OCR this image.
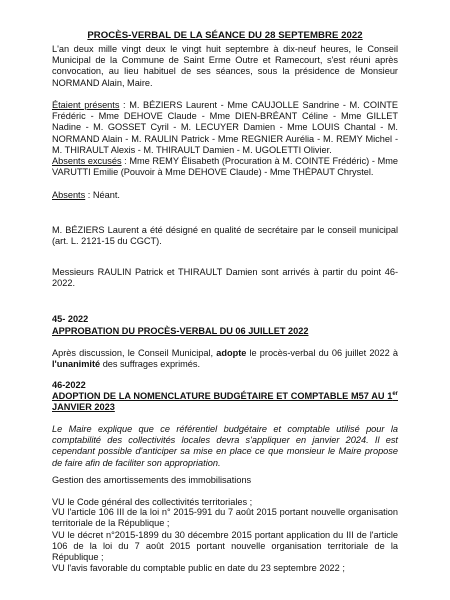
PROCÈS-VERBAL DE LA SÉANCE DU 28 SEPTEMBRE 2022

L'an deux mille vingt deux le vingt huit septembre à dix-neuf heures, le Conseil Municipal de la Commune de Saint Erme Outre et Ramecourt, s'est réuni après convocation, au lieu habituel de ses séances, sous la présidence de Monsieur NORMAND Alain, Maire.

Étaient présents : M. BÉZIERS Laurent - Mme CAUJOLLE Sandrine - M. COINTE Frédéric - Mme DEHOVE Claude - Mme DIEN-BRÉANT Céline - Mme GILLET Nadine - M. GOSSET Cyril - M. LECUYER Damien - Mme LOUIS Chantal - M. NORMAND Alain - M. RAULIN Patrick - Mme REGNIER Aurélia - M. REMY Michel - M. THIRAULT Alexis - M. THIRAULT Damien - M. UGOLETTI Olivier.

Absents excusés : Mme REMY Élisabeth (Procuration à M. COINTE Frédéric) - Mme VARUTTI Emilie (Pouvoir à Mme DEHOVE Claude) - Mme THÉPAUT Chrystel.

Absents : Néant.

M. BÉZIERS Laurent a été désigné en qualité de secrétaire par le conseil municipal (art. L. 2121-15 du CGCT).

Messieurs RAULIN Patrick et THIRAULT Damien sont arrivés à partir du point 46-2022.

45- 2022

APPROBATION DU PROCÈS-VERBAL DU 06 JUILLET 2022

Après discussion, le Conseil Municipal, adopte le procès-verbal du 06 juillet 2022 à l'unanimité des suffrages exprimés.

46-2022

ADOPTION DE LA NOMENCLATURE BUDGÉTAIRE ET COMPTABLE M57 AU 1er JANVIER 2023

Le Maire explique que ce référentiel budgétaire et comptable utilisé pour la comptabilité des collectivités locales devra s'appliquer en janvier 2024. Il est cependant possible d'anticiper sa mise en place ce que monsieur le Maire propose de faire afin de faciliter son appropriation.

Gestion des amortissements des immobilisations

VU le Code général des collectivités territoriales ;

VU l'article 106 III de la loi n° 2015-991 du 7 août 2015 portant nouvelle organisation territoriale de la République ;

VU le décret n°2015-1899 du 30 décembre 2015 portant application du III de l'article 106 de la loi du 7 août 2015 portant nouvelle organisation territoriale de la République ;

VU l'avis favorable du comptable public en date du 23 septembre 2022 ;
